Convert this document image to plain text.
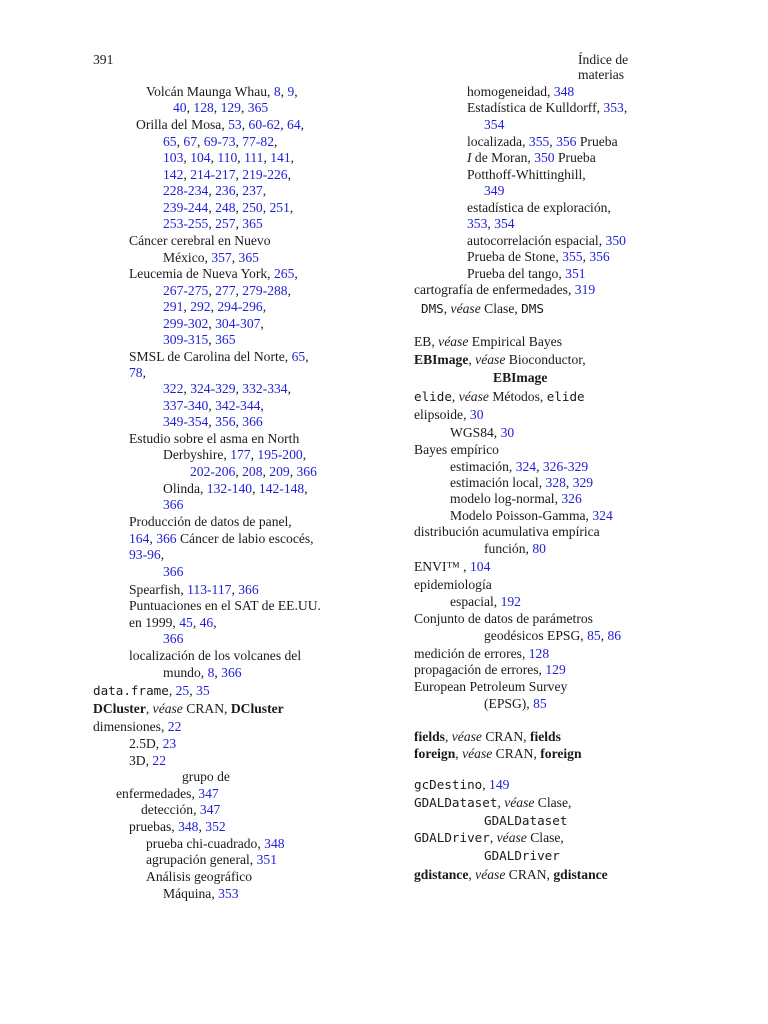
391	Índice de materias
Volcán Maunga Whau, 8, 9,
40, 128, 129, 365
Orilla del Mosa, 53, 60-62, 64,
65, 67, 69-73, 77-82,
103, 104, 110, 111, 141,
142, 214-217, 219-226,
228-234, 236, 237,
239-244, 248, 250, 251,
253-255, 257, 365
Cáncer cerebral en Nuevo
México, 357, 365
Leucemia de Nueva York, 265,
267-275, 277, 279-288,
291, 292, 294-296,
299-302, 304-307,
309-315, 365
SMSL de Carolina del Norte, 65,
78,
322, 324-329, 332-334,
337-340, 342-344,
349-354, 356, 366
Estudio sobre el asma en North
Derbyshire, 177, 195-200,
202-206, 208, 209, 366
Olinda, 132-140, 142-148,
366
Producción de datos de panel,
164, 366 Cáncer de labio escocés,
93-96,
366
Spearfish, 113-117, 366
Puntuaciones en el SAT de EE.UU.
en 1999, 45, 46,
366
localización de los volcanes del
mundo, 8, 366
data.frame, 25, 35
DCluster, véase CRAN, DCluster
dimensiones, 22
2.5D, 23
3D, 22
grupo de
enfermedades, 347
detección, 347
pruebas, 348, 352
prueba chi-cuadrado, 348
agrupación general, 351
Análisis geográfico
Máquina, 353
homogeneidad, 348
Estadística de Kulldorff, 353,
354
localizada, 355, 356 Prueba
I de Moran, 350 Prueba
Potthoff-Whittinghill,
349
estadística de exploración,
353, 354
autocorrelación espacial, 350
Prueba de Stone, 355, 356
Prueba del tango, 351
cartografía de enfermedades, 319
DMS, véase Clase, DMS
EB, véase Empirical Bayes
EBImage, véase Bioconductor,
EBImage
elide, véase Métodos, elide
elipsoide, 30
WGS84, 30
Bayes empírico
estimación, 324, 326-329
estimación local, 328, 329
modelo log-normal, 326
Modelo Poisson-Gamma, 324
distribución acumulativa empírica
función, 80
ENVI™ , 104
epidemiología
espacial, 192
Conjunto de datos de parámetros
geodésicos EPSG, 85, 86
medición de errores, 128
propagación de errores, 129
European Petroleum Survey
(EPSG), 85
fields, véase CRAN, fields
foreign, véase CRAN, foreign
gcDestino, 149
GDALDataset, véase Clase,
GDALDataset
GDALDriver, véase Clase,
GDALDriver
gdistance, véase CRAN, gdistance
